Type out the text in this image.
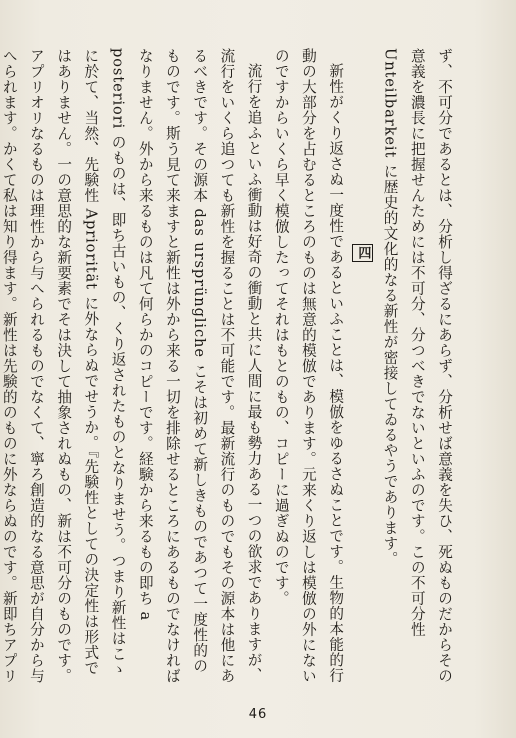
ず、不可分であるとは、分析し得ざるにあらず、分析せば意義を失ひ、死ぬものだからその意義を濃長に把握せんためには不可分、分つべきでないといふのです。この不可分性 Unteilbarkeit に歴史的文化的なる新性が密接してゐるやうであります。

四

新性がくり返さぬ一度性であるといふことは、模倣をゆるさぬことです。生物的本能的行動の大部分を占むるところのものは無意的模倣であります。元来くり返しは模倣の外にないのですからいくら早く模倣したってそれはもとのもの、コピーに過ぎぬのです。

流行を追ふといふ衝動は好奇の衝動と共に人間に最も勢力ある一つの欲求でありますが、流行をいくら追つても新性を握ることは不可能です。最新流行のものでもその源本は他にあるべきです。その源本 das ursprüngliche こそは初めて新しきものであつて一度性的のものです。斯う見て来ますと新性は外から来る一切を排除せるところにあるものでなければなりません。外から来るものは凡て何らかのコピーです。経験から来るもの即ち a posteriori のものは、即ち古いもの、くり返されたものとなりませう。つまり新性はこゝに於て、当然、先験性 Apriorität に外ならぬでせうか。『先験性としての決定性は形式ではありません。一の意思的な新要素でそは決して抽象されぬもの、新は不可分のものです。アプリオリなるものは理性から与へられるものでなくて、寧ろ創造的なる意思が自分から与へられます。かくて私は知り得ます。新性は先験的のものに外ならぬのです。新即ちアプリ

46
